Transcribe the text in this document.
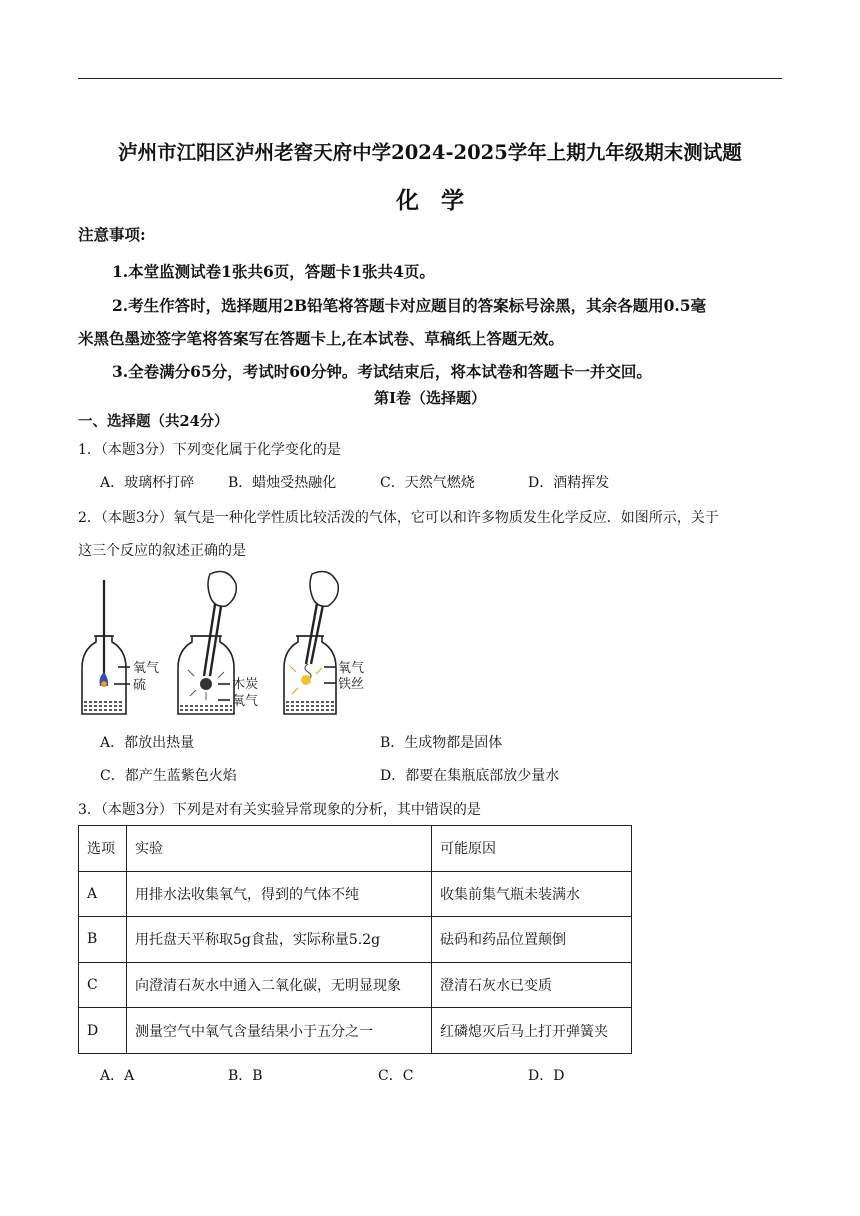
泸州市江阳区泸州老窖天府中学2024-2025学年上期九年级期末测试题
化学
注意事项:
1.本堂监测试卷1张共6页，答题卡1张共4页。
2.考生作答时，选择题用2B铅笔将答题卡对应题目的答案标号涂黑，其余各题用0.5毫
米黑色墨迹签字笔将答案写在答题卡上,在本试卷、草稿纸上答题无效。
3.全卷满分65分，考试时60分钟。考试结束后，将本试卷和答题卡一并交回。
第Ⅰ卷（选择题）
一、选择题（共24分）
1．（本题3分）下列变化属于化学变化的是
A．玻璃杯打碎 B．蜡烛受热融化	C．天然气燃烧	D．酒精挥发
2．（本题3分）氧气是一种化学性质比较活泼的气体，它可以和许多物质发生化学反应．如图所示，关于
这三个反应的叙述正确的是
氧气
硫	木炭
氧气
氧气
铁丝
A．都放出热量	B．生成物都是固体
C．都产生蓝紫色火焰	D．都要在集瓶底部放少量水
3．（本题3分）下列是对有关实验异常现象的分析，其中错误的是
选项	实验	可能原因
A	用排水法收集氧气，得到的气体不纯	收集前集气瓶未装满水
B	用托盘天平称取5g食盐，实际称量5.2g	砝码和药品位置颠倒
C	向澄清石灰水中通入二氧化碳，无明显现象	澄清石灰水已变质
D	测量空气中氧气含量结果小于五分之一	红磷熄灭后马上打开弹簧夹
A．A	B．B	C．C	D．D
